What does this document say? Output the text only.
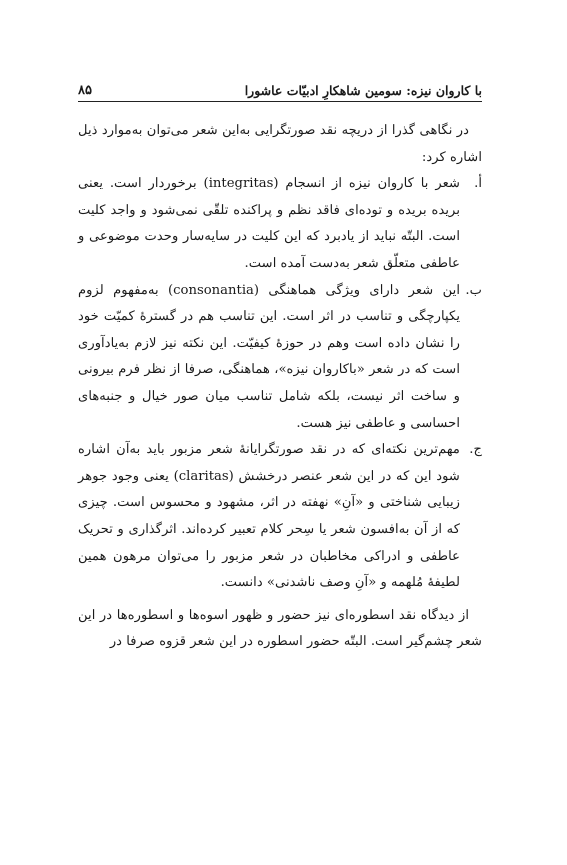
با کاروان نیزه: سومین شاهکارِ ادبیّات عاشورا
۸۵

در نگاهی گذرا از دریچه نقد صورتگرایی به‌این شعر می‌توان به‌موارد ذیل اشاره کرد:

أ.

شعر با کاروان نیزه از انسجام (integritas) برخوردار است. یعنی بریده بریده و توده‌ای فاقد نظم و پراکنده تلقّی نمی‌شود و واجد کلیت است. البتّه نباید از یادبرد که این کلیت در سایه‌سار وحدت موضوعی و عاطفی متعلّق شعر به‌دست آمده است.

ب.

این شعر دارای ویژگی هماهنگی (consonantia) به‌مفهوم لزوم یکپارچگی و تناسب در اثر است. این تناسب هم در گسترۀ کمیّت خود را نشان داده است وهم در حوزۀ کیفیّت. این نکته نیز لازم به‌یادآوری است که در شعر «باکاروان نیزه»، هماهنگی، صرفا از نظر فرم بیرونی و ساخت اثر نیست، بلکه شامل تناسب میان صور خیال و جنبه‌های احساسی و عاطفی نیز هست.

ج.

مهم‌ترین نکته‌ای که در نقد صورتگرایانۀ شعر مزبور باید به‌آن اشاره شود این که در این شعر عنصر درخشش (claritas) یعنی وجود جوهر زیبایی شناختی و «آنِ» نهفته در اثر، مشهود و محسوس است. چیزی که از آن به‌افسون شعر یا سِحر کلام تعبیر کرده‌اند. اثرگذاری و تحریک عاطفی و ادراکی مخاطبان در شعر مزبور را می‌توان مرهون همین لطیفۀ مُلهمه و «آنِ وصف ناشدنی» دانست.

از دیدگاه نقد اسطوره‌ای نیز حضور و ظهور اسوه‌ها و اسطوره‌ها در این شعر چشم‌گیر است. البتّه حضور اسطوره در این شعر قزوه صرفا در
